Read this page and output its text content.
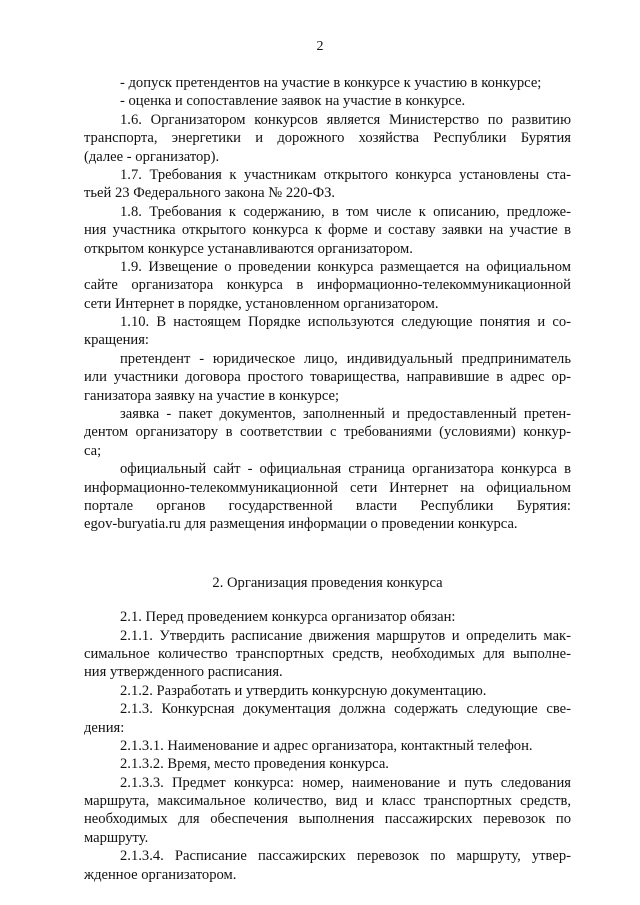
2
- допуск претендентов на участие в конкурсе к участию в конкурсе;
- оценка и сопоставление заявок на участие в конкурсе.
1.6. Организатором конкурсов является Министерство по развитию
транспорта, энергетики и дорожного хозяйства Республики Бурятия
(далее - организатор).
1.7. Требования к участникам открытого конкурса установлены ста-
тьей 23 Федерального закона № 220-ФЗ.
1.8. Требования к содержанию, в том числе к описанию, предложе-
ния участника открытого конкурса к форме и составу заявки на участие в
открытом конкурсе устанавливаются организатором.
1.9. Извещение о проведении конкурса размещается на официальном
сайте организатора конкурса в информационно-телекоммуникационной
сети Интернет в порядке, установленном организатором.
1.10. В настоящем Порядке используются следующие понятия и со-
кращения:
претендент - юридическое лицо, индивидуальный предприниматель
или участники договора простого товарищества, направившие в адрес ор-
ганизатора заявку на участие в конкурсе;
заявка - пакет документов, заполненный и предоставленный претен-
дентом организатору в соответствии с требованиями (условиями) конкур-
са;
официальный сайт - официальная страница организатора конкурса в
информационно-телекоммуникационной сети Интернет на официальном
портале органов государственной власти Республики Бурятия:
egov-buryatia.ru для размещения информации о проведении конкурса.
2. Организация проведения конкурса
2.1. Перед проведением конкурса организатор обязан:
2.1.1. Утвердить расписание движения маршрутов и определить мак-
симальное количество транспортных средств, необходимых для выполне-
ния утвержденного расписания.
2.1.2. Разработать и утвердить конкурсную документацию.
2.1.3. Конкурсная документация должна содержать следующие све-
дения:
2.1.3.1. Наименование и адрес организатора, контактный телефон.
2.1.3.2. Время, место проведения конкурса.
2.1.3.3. Предмет конкурса: номер, наименование и путь следования
маршрута, максимальное количество, вид и класс транспортных средств,
необходимых для обеспечения выполнения пассажирских перевозок по
маршруту.
2.1.3.4. Расписание пассажирских перевозок по маршруту, утвер-
жденное организатором.
